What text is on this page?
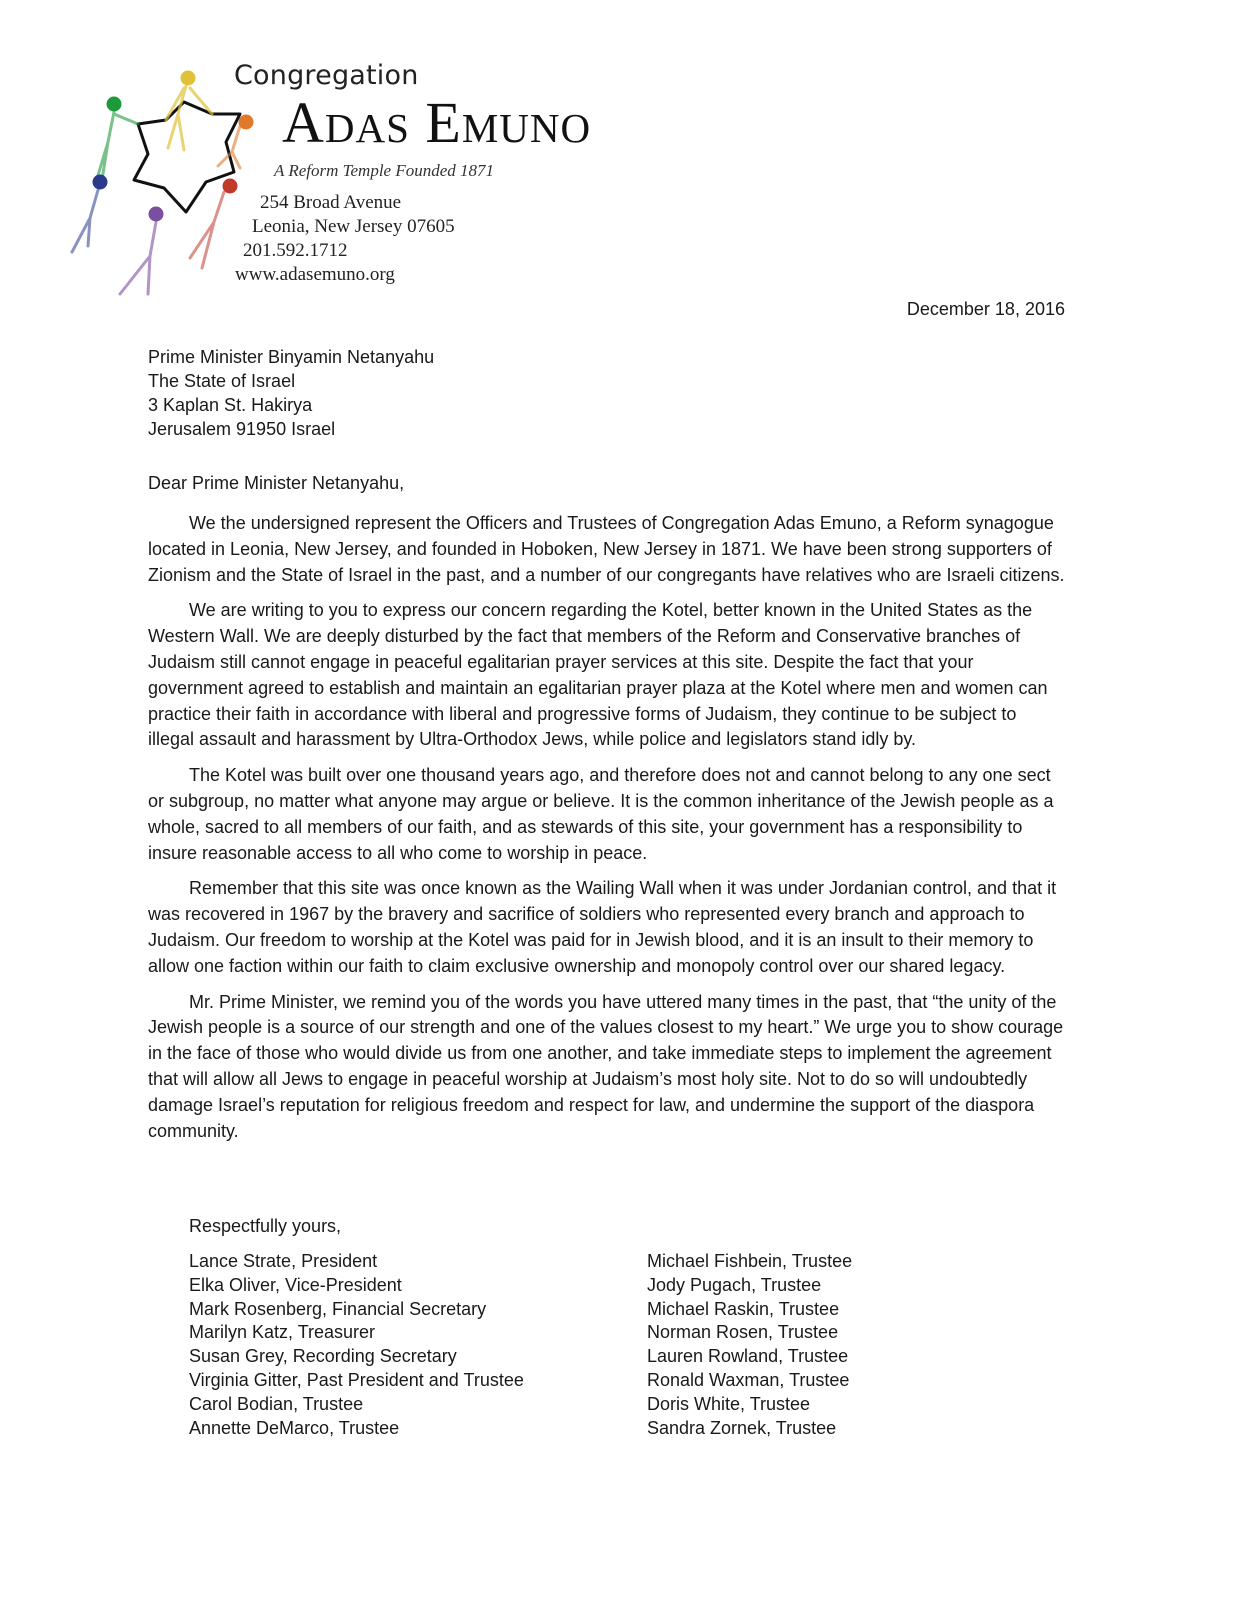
Congregation
Adas Emuno
A Reform Temple Founded 1871
254 Broad Avenue
Leonia, New Jersey 07605
201.592.1712
www.adasemuno.org
December 18, 2016
Prime Minister Binyamin Netanyahu
The State of Israel
3 Kaplan St. Hakirya
Jerusalem 91950 Israel
Dear Prime Minister Netanyahu,

We the undersigned represent the Officers and Trustees of Congregation Adas Emuno, a Reform synagogue located in Leonia, New Jersey, and founded in Hoboken, New Jersey in 1871. We have been strong supporters of Zionism and the State of Israel in the past, and a number of our congregants have relatives who are Israeli citizens.

We are writing to you to express our concern regarding the Kotel, better known in the United States as the Western Wall. We are deeply disturbed by the fact that members of the Reform and Conservative branches of Judaism still cannot engage in peaceful egalitarian prayer services at this site. Despite the fact that your government agreed to establish and maintain an egalitarian prayer plaza at the Kotel where men and women can practice their faith in accordance with liberal and progressive forms of Judaism, they continue to be subject to illegal assault and harassment by Ultra-Orthodox Jews, while police and legislators stand idly by.

The Kotel was built over one thousand years ago, and therefore does not and cannot belong to any one sect or subgroup, no matter what anyone may argue or believe. It is the common inheritance of the Jewish people as a whole, sacred to all members of our faith, and as stewards of this site, your government has a responsibility to insure reasonable access to all who come to worship in peace.

Remember that this site was once known as the Wailing Wall when it was under Jordanian control, and that it was recovered in 1967 by the bravery and sacrifice of soldiers who represented every branch and approach to Judaism. Our freedom to worship at the Kotel was paid for in Jewish blood, and it is an insult to their memory to allow one faction within our faith to claim exclusive ownership and monopoly control over our shared legacy.

Mr. Prime Minister, we remind you of the words you have uttered many times in the past, that “the unity of the Jewish people is a source of our strength and one of the values closest to my heart.” We urge you to show courage in the face of those who would divide us from one another, and take immediate steps to implement the agreement that will allow all Jews to engage in peaceful worship at Judaism’s most holy site. Not to do so will undoubtedly damage Israel’s reputation for religious freedom and respect for law, and undermine the support of the diaspora community.

Respectfully yours,
Lance Strate, President
Elka Oliver, Vice-President
Mark Rosenberg, Financial Secretary
Marilyn Katz, Treasurer
Susan Grey, Recording Secretary
Virginia Gitter, Past President and Trustee
Carol Bodian, Trustee
Annette DeMarco, Trustee
Michael Fishbein, Trustee
Jody Pugach, Trustee
Michael Raskin, Trustee
Norman Rosen, Trustee
Lauren Rowland, Trustee
Ronald Waxman, Trustee
Doris White, Trustee
Sandra Zornek, Trustee
